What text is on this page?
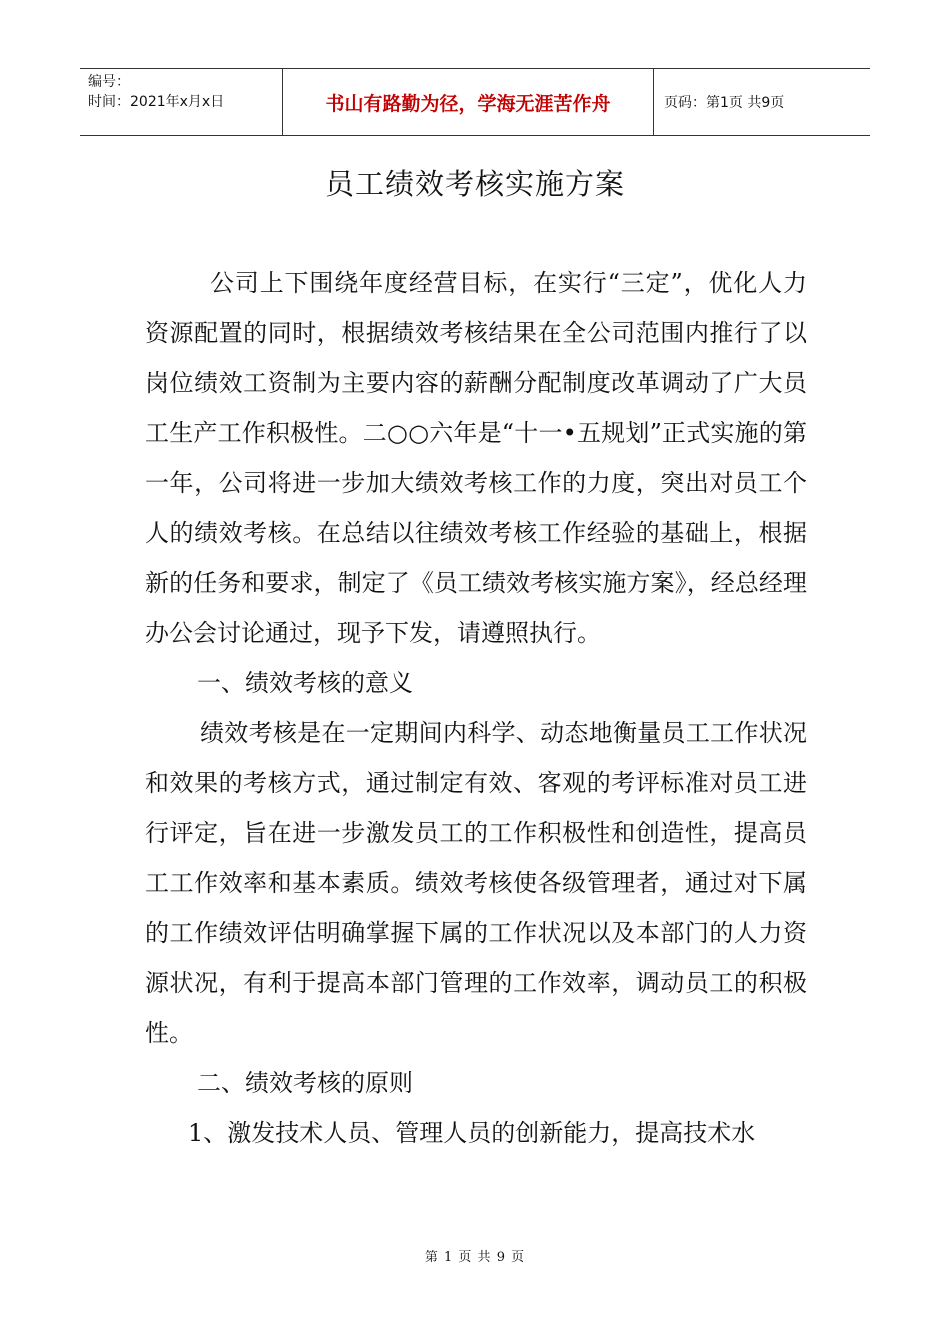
编号：
时间：2021年x月x日	书山有路勤为径，学海无涯苦作舟	页码：第1页 共9页
员工绩效考核实施方案

公司上下围绕年度经营目标，在实行“三定”，优化人力资源配置的同时，根据绩效考核结果在全公司范围内推行了以岗位绩效工资制为主要内容的薪酬分配制度改革调动了广大员工生产工作积极性。二○○六年是“十一•五规划”正式实施的第一年，公司将进一步加大绩效考核工作的力度，突出对员工个人的绩效考核。在总结以往绩效考核工作经验的基础上，根据新的任务和要求，制定了《员工绩效考核实施方案》，经总经理办公会讨论通过，现予下发，请遵照执行。

一、绩效考核的意义

绩效考核是在一定期间内科学、动态地衡量员工工作状况和效果的考核方式，通过制定有效、客观的考评标准对员工进行评定，旨在进一步激发员工的工作积极性和创造性，提高员工工作效率和基本素质。绩效考核使各级管理者，通过对下属的工作绩效评估明确掌握下属的工作状况以及本部门的人力资源状况，有利于提高本部门管理的工作效率，调动员工的积极性。

二、绩效考核的原则

1、激发技术人员、管理人员的创新能力，提高技术水

第 1 页 共 9 页
